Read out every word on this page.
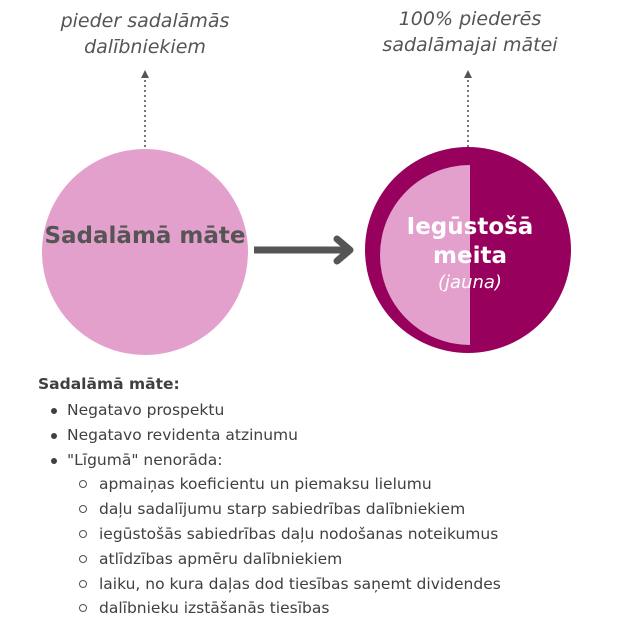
pieder sadalāmās dalībniekiem
100% piederēs sadalāmajai mātei
Sadalāmā māte	Iegūstošā meita
(jauna)
Sadalāmā māte:
Negatavo prospektu
Negatavo revidenta atzinumu
"Līgumā" nenorāda:
apmaiņas koeficientu un piemaksu lielumu
daļu sadalījumu starp sabiedrības dalībniekiem
iegūstošās sabiedrības daļu nodošanas noteikumus
atlīdzības apmēru dalībniekiem
laiku, no kura daļas dod tiesības saņemt dividendes
dalībnieku izstāšanās tiesības
